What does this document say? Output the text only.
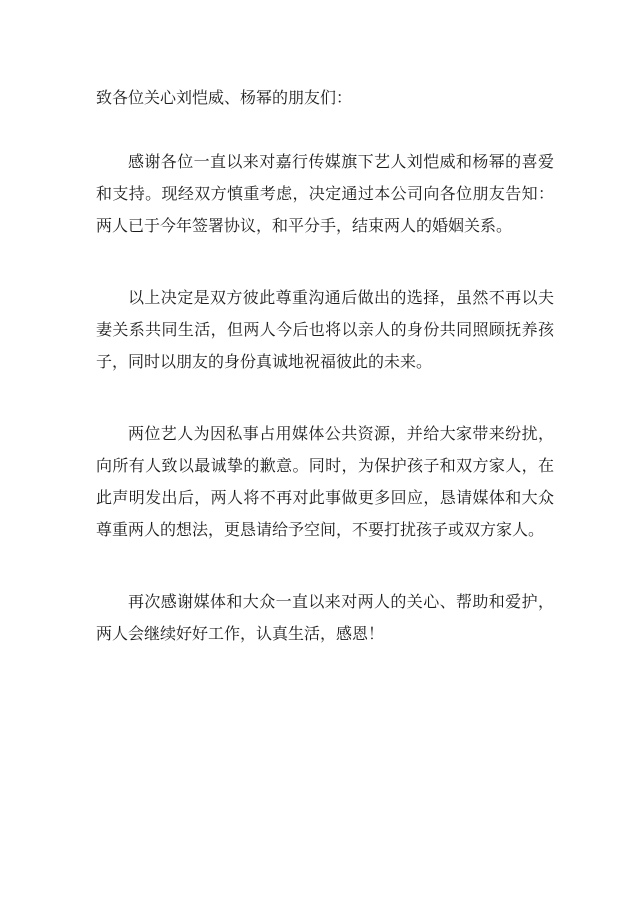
致各位关心刘恺威、杨幂的朋友们：

感谢各位一直以来对嘉行传媒旗下艺人刘恺威和杨幂的喜爱和支持。现经双方慎重考虑，决定通过本公司向各位朋友告知：两人已于今年签署协议，和平分手，结束两人的婚姻关系。

以上决定是双方彼此尊重沟通后做出的选择，虽然不再以夫妻关系共同生活，但两人今后也将以亲人的身份共同照顾抚养孩子，同时以朋友的身份真诚地祝福彼此的未来。

两位艺人为因私事占用媒体公共资源，并给大家带来纷扰，向所有人致以最诚挚的歉意。同时，为保护孩子和双方家人，在此声明发出后，两人将不再对此事做更多回应，恳请媒体和大众尊重两人的想法，更恳请给予空间，不要打扰孩子或双方家人。

再次感谢媒体和大众一直以来对两人的关心、帮助和爱护，两人会继续好好工作，认真生活，感恩！
